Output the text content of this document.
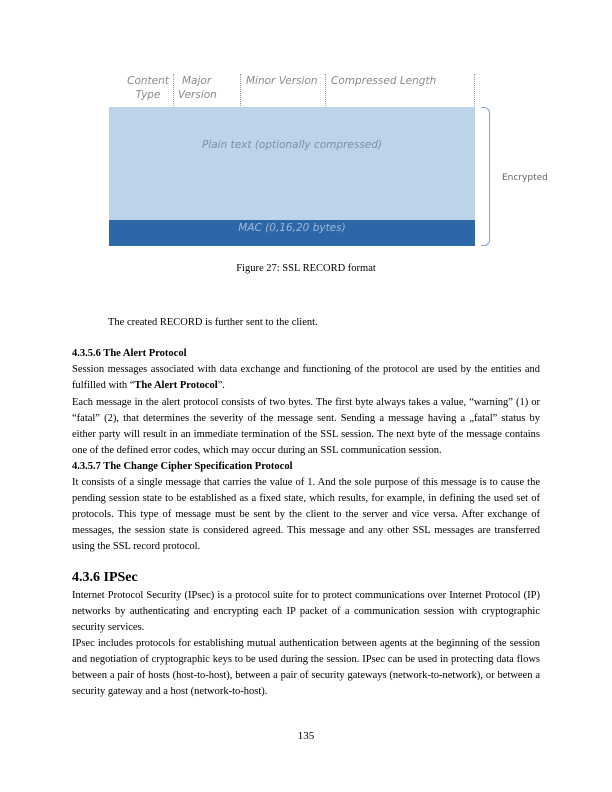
Content
Type
Major
Version
Minor Version	Compressed Length
Plain text (optionally compressed)
MAC (0,16,20 bytes)
Encrypted
Figure 27: SSL RECORD format
The created RECORD is further sent to the client.
4.3.5.6 The Alert Protocol
Session messages associated with data exchange and functioning of the protocol are used by the entities and fulfilled with “The Alert Protocol”.
Each message in the alert protocol consists of two bytes. The first byte always takes a value, “warning” (1) or “fatal” (2), that determines the severity of the message sent. Sending a message having a „fatal” status by either party will result in an immediate termination of the SSL session. The next byte of the message contains one of the defined error codes, which may occur during an SSL communication session.
4.3.5.7 The Change Cipher Specification Protocol
It consists of a single message that carries the value of 1. And the sole purpose of this message is to cause the pending session state to be established as a fixed state, which results, for example, in defining the used set of protocols. This type of message must be sent by the client to the server and vice versa. After exchange of messages, the session state is considered agreed. This message and any other SSL messages are transferred using the SSL record protocol.
4.3.6 IPSec
Internet Protocol Security (IPsec) is a protocol suite for to protect communications over Internet Protocol (IP) networks by authenticating and encrypting each IP packet of a communication session with cryptographic security services.
IPsec includes protocols for establishing mutual authentication between agents at the beginning of the session and negotiation of cryptographic keys to be used during the session. IPsec can be used in protecting data flows between a pair of hosts (host-to-host), between a pair of security gateways (network-to-network), or between a security gateway and a host (network-to-host).
135
